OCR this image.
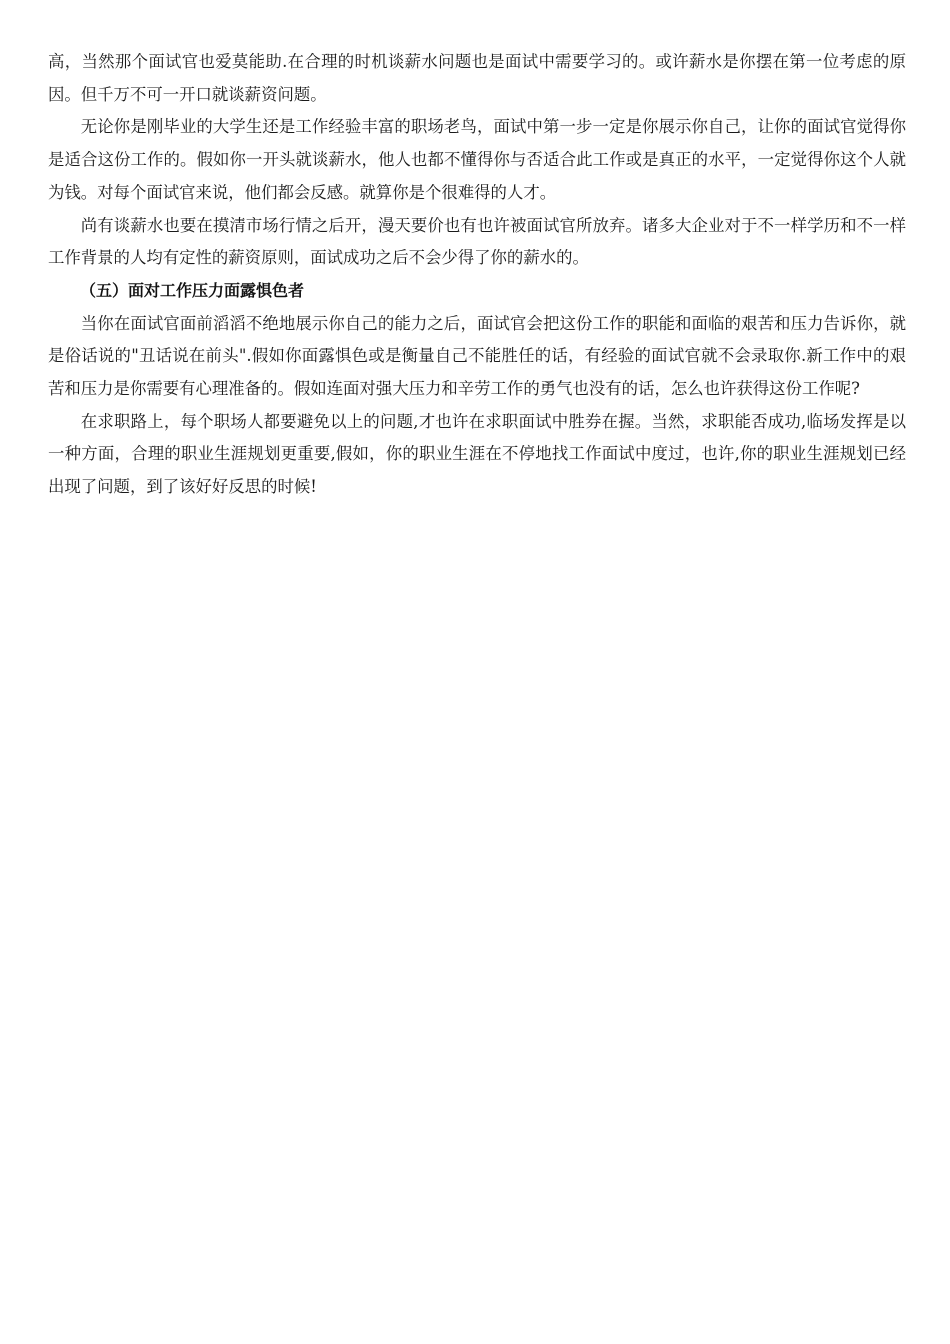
高，当然那个面试官也爱莫能助.在合理的时机谈薪水问题也是面试中需要学习的。或许薪水是你摆在第一位考虑的原因。但千万不可一开口就谈薪资问题。

无论你是刚毕业的大学生还是工作经验丰富的职场老鸟，面试中第一步一定是你展示你自己，让你的面试官觉得你是适合这份工作的。假如你一开头就谈薪水，他人也都不懂得你与否适合此工作或是真正的水平，一定觉得你这个人就为钱。对每个面试官来说，他们都会反感。就算你是个很难得的人才。

尚有谈薪水也要在摸清市场行情之后开，漫天要价也有也许被面试官所放弃。诸多大企业对于不一样学历和不一样工作背景的人均有定性的薪资原则，面试成功之后不会少得了你的薪水的。

（五）面对工作压力面露惧色者

当你在面试官面前滔滔不绝地展示你自己的能力之后，面试官会把这份工作的职能和面临的艰苦和压力告诉你，就是俗话说的"丑话说在前头".假如你面露惧色或是衡量自己不能胜任的话，有经验的面试官就不会录取你.新工作中的艰苦和压力是你需要有心理准备的。假如连面对强大压力和辛劳工作的勇气也没有的话，怎么也许获得这份工作呢?

在求职路上，每个职场人都要避免以上的问题,才也许在求职面试中胜券在握。当然，求职能否成功,临场发挥是以一种方面，合理的职业生涯规划更重要,假如，你的职业生涯在不停地找工作面试中度过，也许,你的职业生涯规划已经出现了问题，到了该好好反思的时候!
